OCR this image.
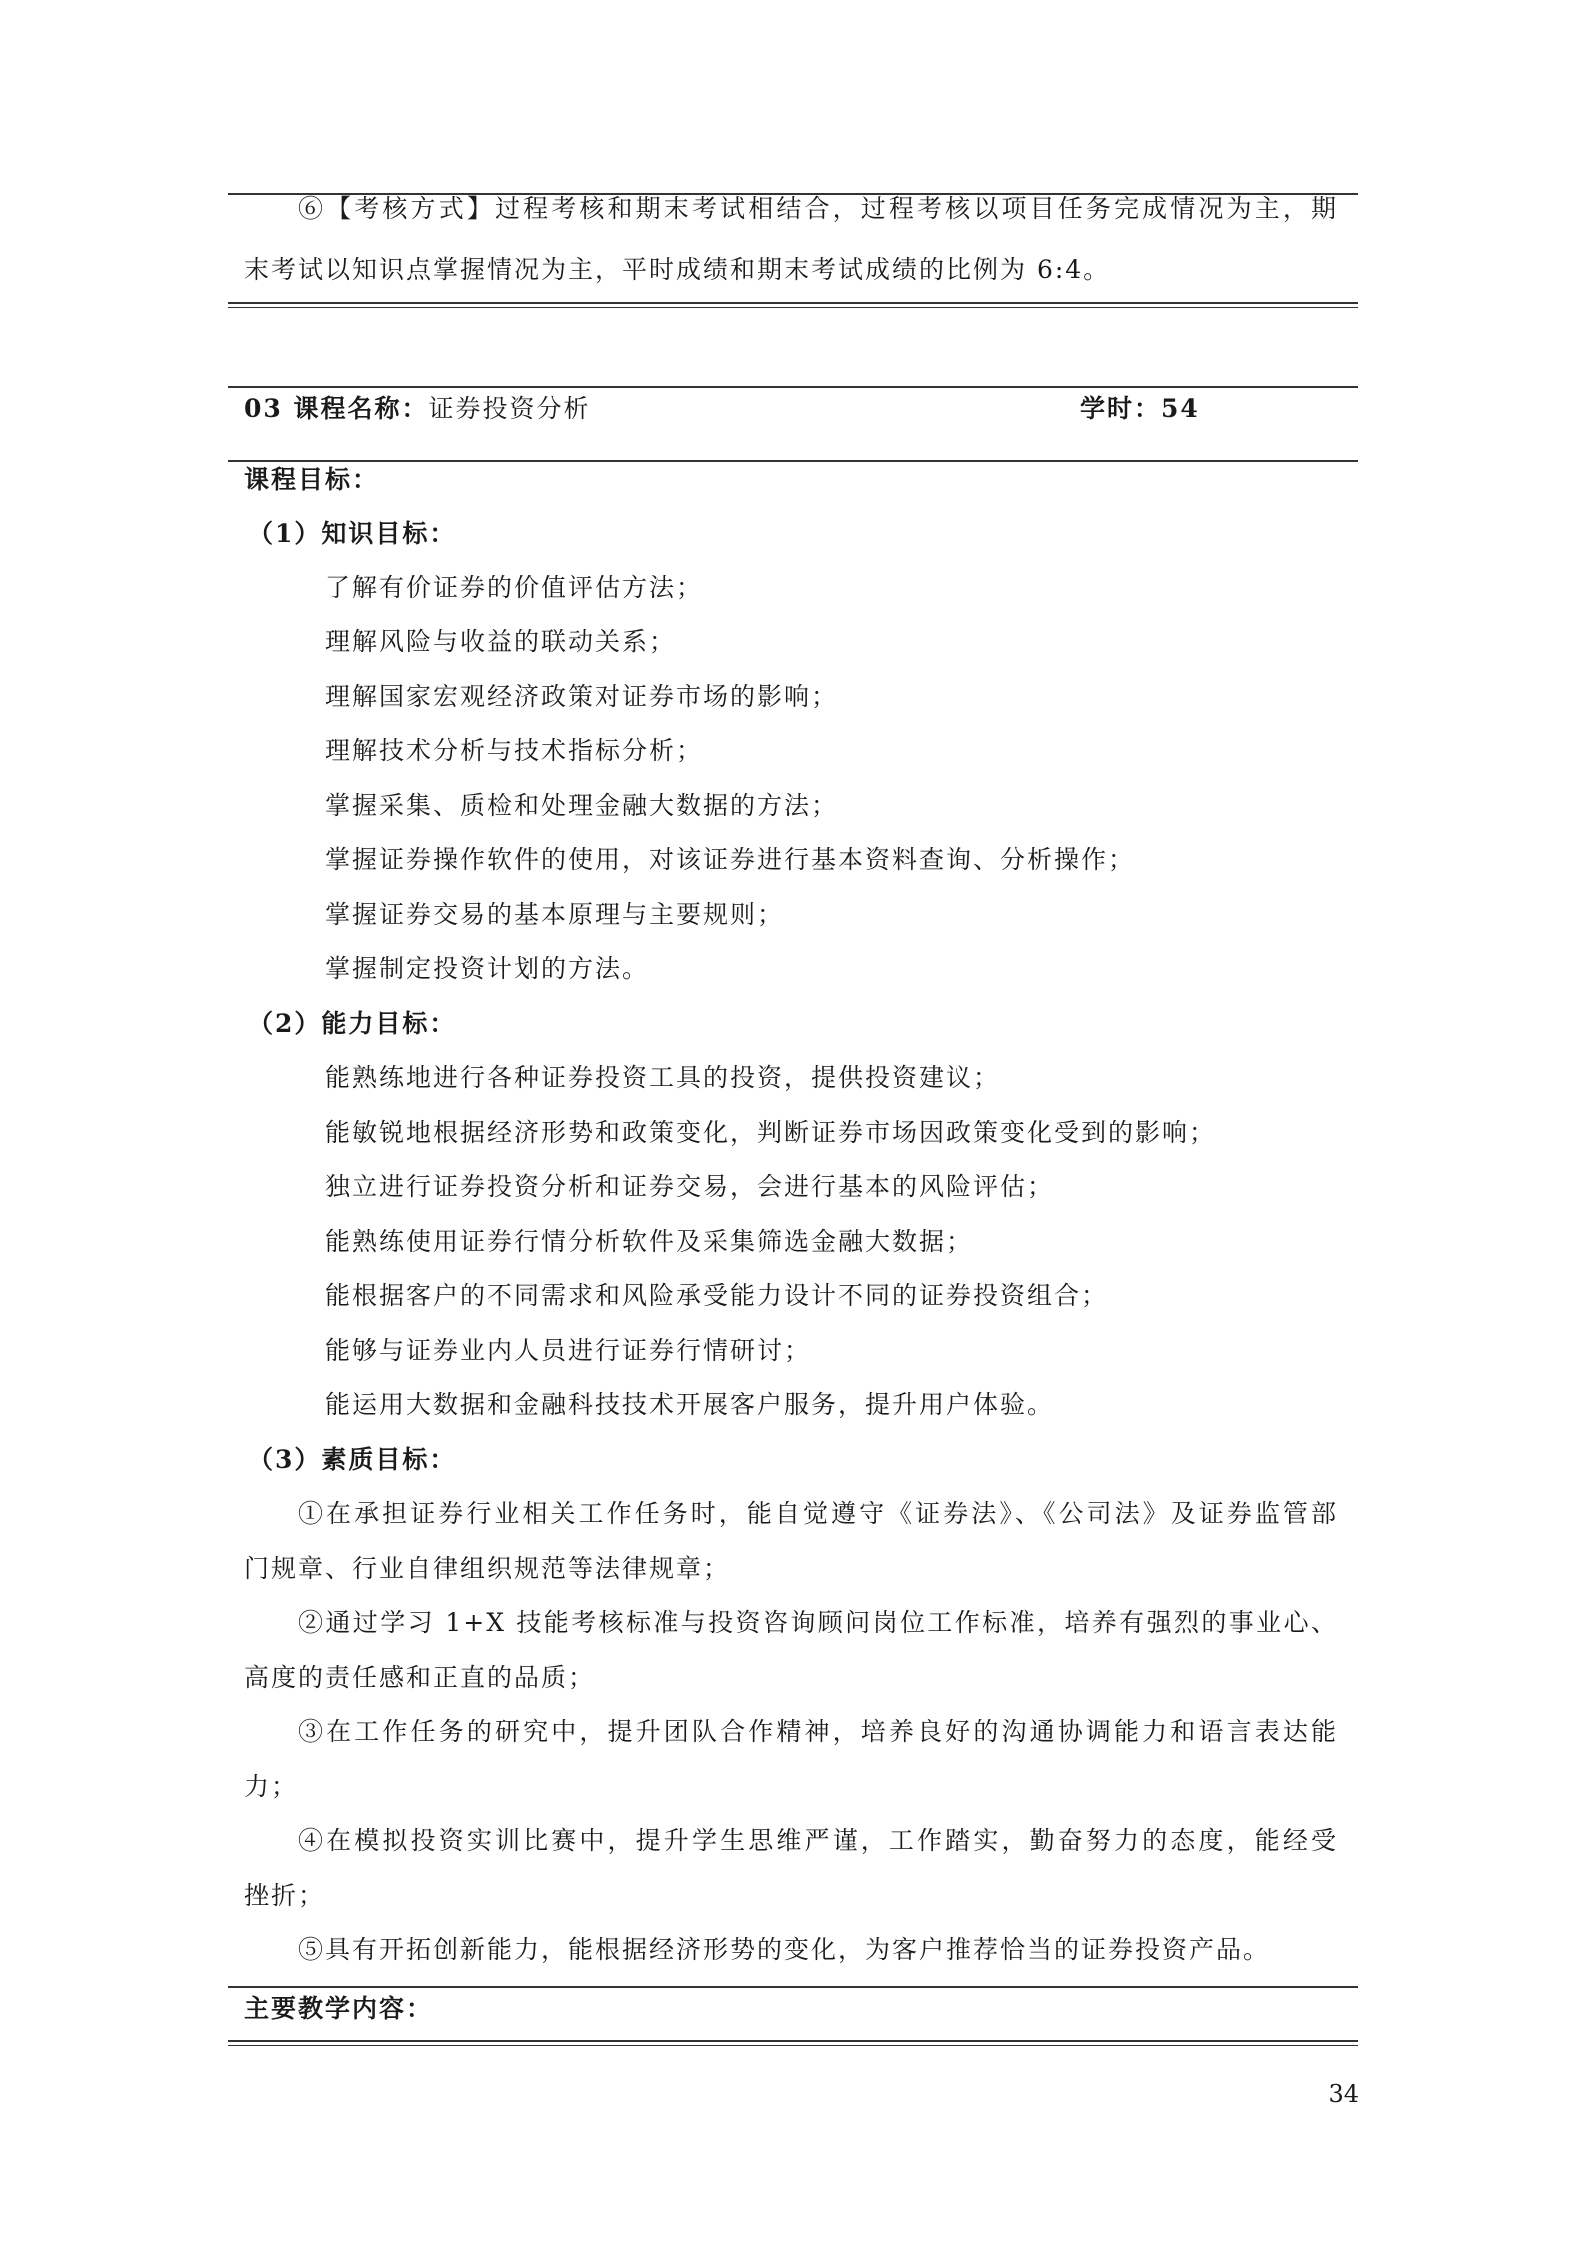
⑥【考核方式】过程考核和期末考试相结合，过程考核以项目任务完成情况为主，期
末考试以知识点掌握情况为主，平时成绩和期末考试成绩的比例为 6:4。
03 课程名称：证券投资分析	学时：54
课程目标：
（1）知识目标：
了解有价证券的价值评估方法；
理解风险与收益的联动关系；
理解国家宏观经济政策对证券市场的影响；
理解技术分析与技术指标分析；
掌握采集、质检和处理金融大数据的方法；
掌握证券操作软件的使用，对该证券进行基本资料查询、分析操作；
掌握证券交易的基本原理与主要规则；
掌握制定投资计划的方法。
（2）能力目标：
能熟练地进行各种证券投资工具的投资，提供投资建议；
能敏锐地根据经济形势和政策变化，判断证券市场因政策变化受到的影响；
独立进行证券投资分析和证券交易，会进行基本的风险评估；
能熟练使用证券行情分析软件及采集筛选金融大数据；
能根据客户的不同需求和风险承受能力设计不同的证券投资组合；
能够与证券业内人员进行证券行情研讨；
能运用大数据和金融科技技术开展客户服务，提升用户体验。
（3）素质目标：
①在承担证券行业相关工作任务时，能自觉遵守《证券法》、《公司法》及证券监管部
门规章、行业自律组织规范等法律规章；
②通过学习 1+X 技能考核标准与投资咨询顾问岗位工作标准，培养有强烈的事业心、
高度的责任感和正直的品质；
③在工作任务的研究中，提升团队合作精神，培养良好的沟通协调能力和语言表达能
力；
④在模拟投资实训比赛中，提升学生思维严谨，工作踏实，勤奋努力的态度，能经受
挫折；
⑤具有开拓创新能力，能根据经济形势的变化，为客户推荐恰当的证券投资产品。
主要教学内容：
34
